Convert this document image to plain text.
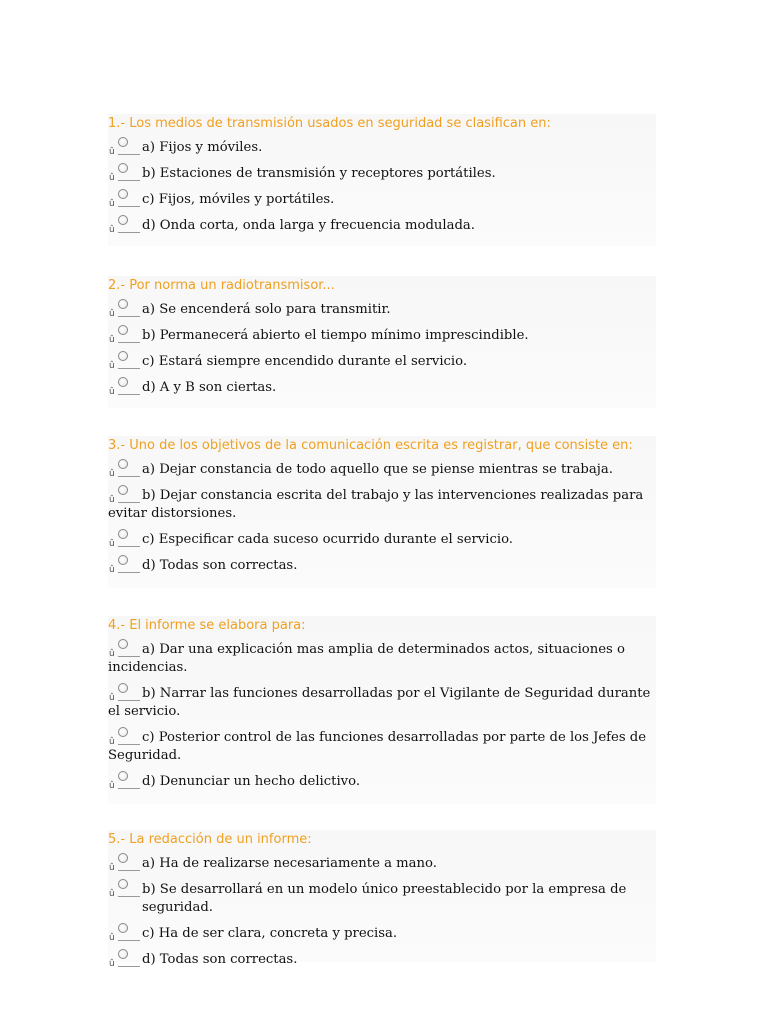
1.- Los medios de transmisión usados en seguridad se clasifican en:
û	a) Fijos y móviles.
û	b) Estaciones de transmisión y receptores portátiles.
û	c) Fijos, móviles y portátiles.
û	d) Onda corta, onda larga y frecuencia modulada.
2.- Por norma un radiotransmisor...
û	a) Se encenderá solo para transmitir.
û	b) Permanecerá abierto el tiempo mínimo imprescindible.
û	c) Estará siempre encendido durante el servicio.
û	d) A y B son ciertas.
3.- Uno de los objetivos de la comunicación escrita es registrar, que consiste en:
û	a) Dejar constancia de todo aquello que se piense mientras se trabaja.
û	b) Dejar constancia escrita del trabajo y las intervenciones realizadas para evitar distorsiones.
û	c) Especificar cada suceso ocurrido durante el servicio.
û	d) Todas son correctas.
4.- El informe se elabora para:
û	a) Dar una explicación mas amplia de determinados actos, situaciones o incidencias.
û	b) Narrar las funciones desarrolladas por el Vigilante de Seguridad durante el servicio.
û	c) Posterior control de las funciones desarrolladas por parte de los Jefes de Seguridad.
û	d) Denunciar un hecho delictivo.
5.- La redacción de un informe:
û	a) Ha de realizarse necesariamente a mano.
û	b) Se desarrollará en un modelo único preestablecido por la empresa de seguridad.
û	c) Ha de ser clara, concreta y precisa.
û	d) Todas son correctas.
